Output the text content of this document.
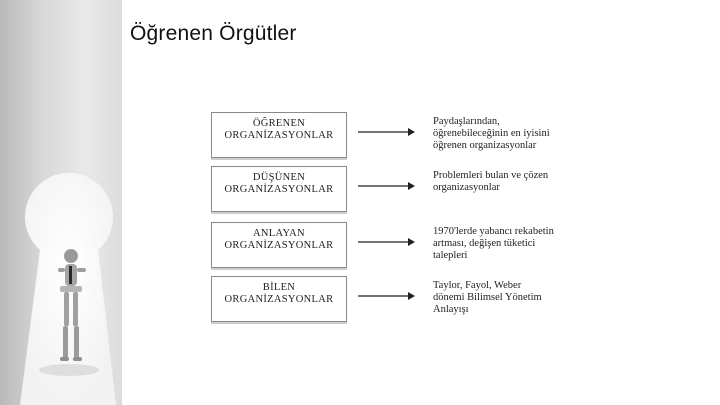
Öğrenen Örgütler
ÖĞRENEN
ORGANİZASYONLAR
Paydaşlarından,
öğrenebileceğinin en iyisini
öğrenen organizasyonlar
DÜŞÜNEN
ORGANİZASYONLAR
Problemleri bulan ve çözen
organizasyonlar
ANLAYAN
ORGANİZASYONLAR
1970'lerde yabancı rekabetin
artması, değişen tüketici
talepleri
BİLEN
ORGANİZASYONLAR
Taylor, Fayol, Weber
dönemi Bilimsel Yönetim
Anlayışı
